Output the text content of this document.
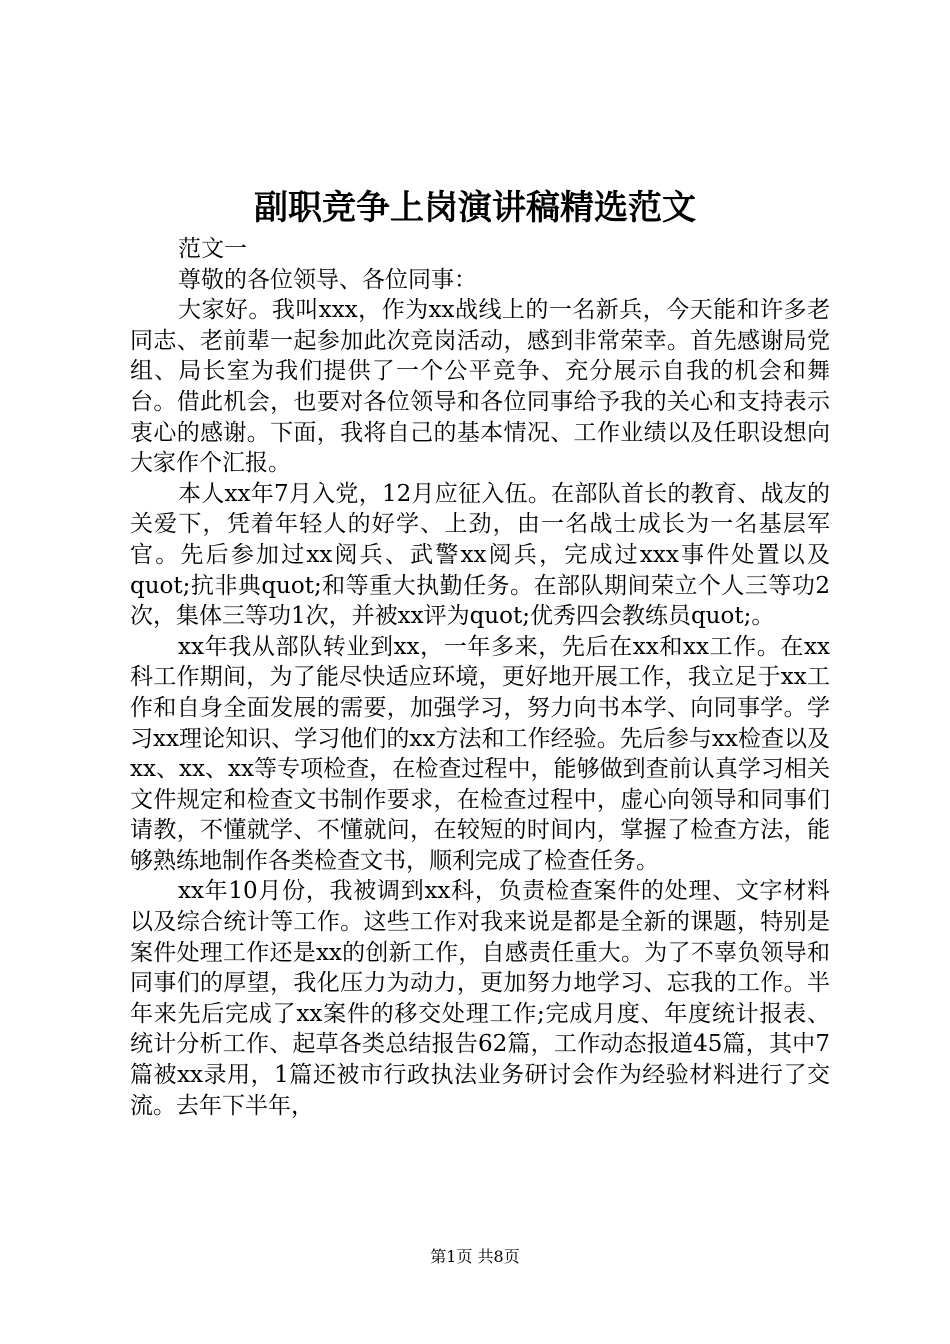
副职竞争上岗演讲稿精选范文

范文一

尊敬的各位领导、各位同事：

大家好。我叫xxx，作为xx战线上的一名新兵，今天能和许多老同志、老前辈一起参加此次竞岗活动，感到非常荣幸。首先感谢局党组、局长室为我们提供了一个公平竞争、充分展示自我的机会和舞台。借此机会，也要对各位领导和各位同事给予我的关心和支持表示衷心的感谢。下面，我将自己的基本情况、工作业绩以及任职设想向大家作个汇报。

本人xx年7月入党，12月应征入伍。在部队首长的教育、战友的关爱下，凭着年轻人的好学、上劲，由一名战士成长为一名基层军官。先后参加过xx阅兵、武警xx阅兵，完成过xxx事件处置以及quot;抗非典quot;和等重大执勤任务。在部队期间荣立个人三等功2次，集体三等功1次，并被xx评为quot;优秀四会教练员quot;。

xx年我从部队转业到xx，一年多来，先后在xx和xx工作。在xx科工作期间，为了能尽快适应环境，更好地开展工作，我立足于xx工作和自身全面发展的需要，加强学习，努力向书本学、向同事学。学习xx理论知识、学习他们的xx方法和工作经验。先后参与xx检查以及xx、xx、xx等专项检查，在检查过程中，能够做到查前认真学习相关文件规定和检查文书制作要求，在检查过程中，虚心向领导和同事们请教，不懂就学、不懂就问，在较短的时间内，掌握了检查方法，能够熟练地制作各类检查文书，顺利完成了检查任务。

xx年10月份，我被调到xx科，负责检查案件的处理、文字材料以及综合统计等工作。这些工作对我来说是都是全新的课题，特别是案件处理工作还是xx的创新工作，自感责任重大。为了不辜负领导和同事们的厚望，我化压力为动力，更加努力地学习、忘我的工作。半年来先后完成了xx案件的移交处理工作;完成月度、年度统计报表、统计分析工作、起草各类总结报告62篇，工作动态报道45篇，其中7篇被xx录用，1篇还被市行政执法业务研讨会作为经验材料进行了交流。去年下半年，

第1页 共8页
